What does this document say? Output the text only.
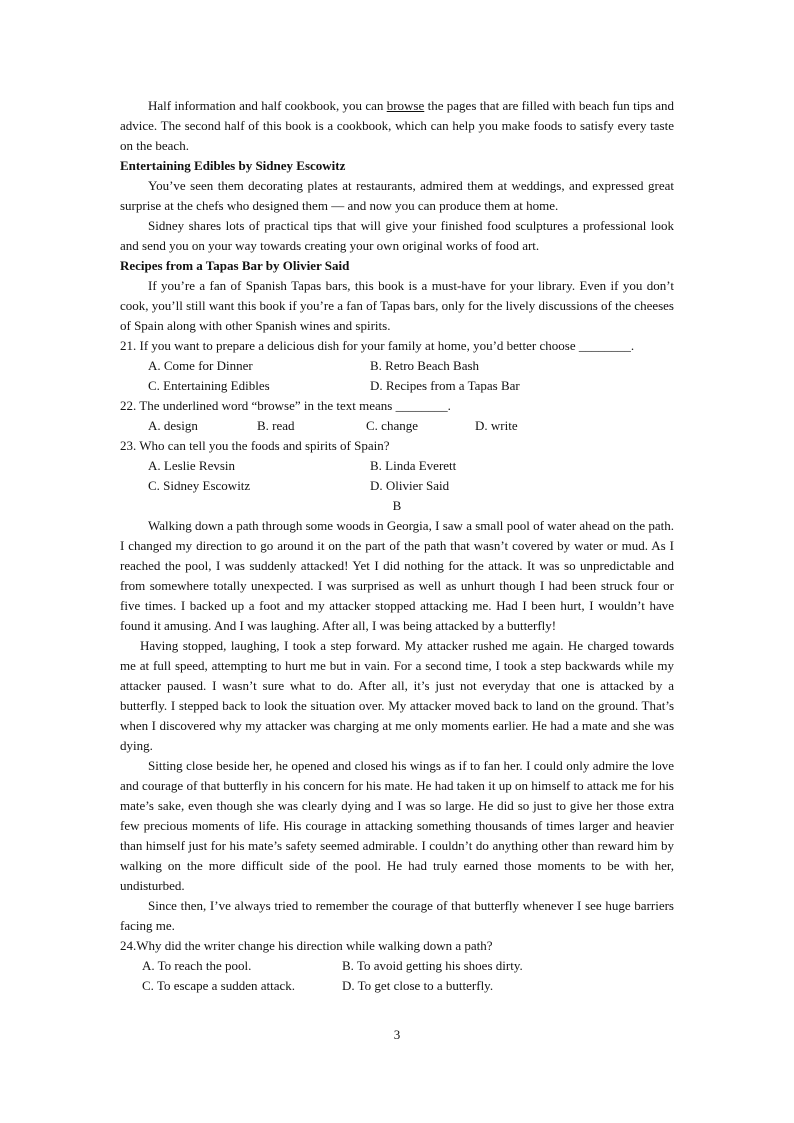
Half information and half cookbook, you can browse the pages that are filled with beach fun tips and advice. The second half of this book is a cookbook, which can help you make foods to satisfy every taste on the beach.

Entertaining Edibles by Sidney Escowitz

You’ve seen them decorating plates at restaurants, admired them at weddings, and expressed great surprise at the chefs who designed them — and now you can produce them at home.

Sidney shares lots of practical tips that will give your finished food sculptures a professional look and send you on your way towards creating your own original works of food art.

Recipes from a Tapas Bar by Olivier Said

If you’re a fan of Spanish Tapas bars, this book is a must-have for your library. Even if you don’t cook, you’ll still want this book if you’re a fan of Tapas bars, only for the lively discussions of the cheeses of Spain along with other Spanish wines and spirits.

21. If you want to prepare a delicious dish for your family at home, you’d better choose ________.

A. Come for Dinner	B. Retro Beach Bash
C. Entertaining Edibles	D. Recipes from a Tapas Bar

22. The underlined word “browse” in the text means ________.

A. design	B. read	C. change	D. write

23. Who can tell you the foods and spirits of Spain?

A. Leslie Revsin	B. Linda Everett
C. Sidney Escowitz	D. Olivier Said

B

Walking down a path through some woods in Georgia, I saw a small pool of water ahead on the path. I changed my direction to go around it on the part of the path that wasn’t covered by water or mud. As I reached the pool, I was suddenly attacked! Yet I did nothing for the attack. It was so unpredictable and from somewhere totally unexpected. I was surprised as well as unhurt though I had been struck four or five times. I backed up a foot and my attacker stopped attacking me. Had I been hurt, I wouldn’t have found it amusing. And I was laughing. After all, I was being attacked by a butterfly!

Having stopped, laughing, I took a step forward. My attacker rushed me again. He charged towards me at full speed, attempting to hurt me but in vain. For a second time, I took a step backwards while my attacker paused. I wasn’t sure what to do. After all, it’s just not everyday that one is attacked by a butterfly. I stepped back to look the situation over. My attacker moved back to land on the ground. That’s when I discovered why my attacker was charging at me only moments earlier. He had a mate and she was dying.

Sitting close beside her, he opened and closed his wings as if to fan her. I could only admire the love and courage of that butterfly in his concern for his mate. He had taken it up on himself to attack me for his mate’s sake, even though she was clearly dying and I was so large. He did so just to give her those extra few precious moments of life. His courage in attacking something thousands of times larger and heavier than himself just for his mate’s safety seemed admirable. I couldn’t do anything other than reward him by walking on the more difficult side of the pool. He had truly earned those moments to be with her, undisturbed.

Since then, I’ve always tried to remember the courage of that butterfly whenever I see huge barriers facing me.

24.Why did the writer change his direction while walking down a path?

A. To reach the pool.	B. To avoid getting his shoes dirty.
C. To escape a sudden attack.	D. To get close to a butterfly.
3
